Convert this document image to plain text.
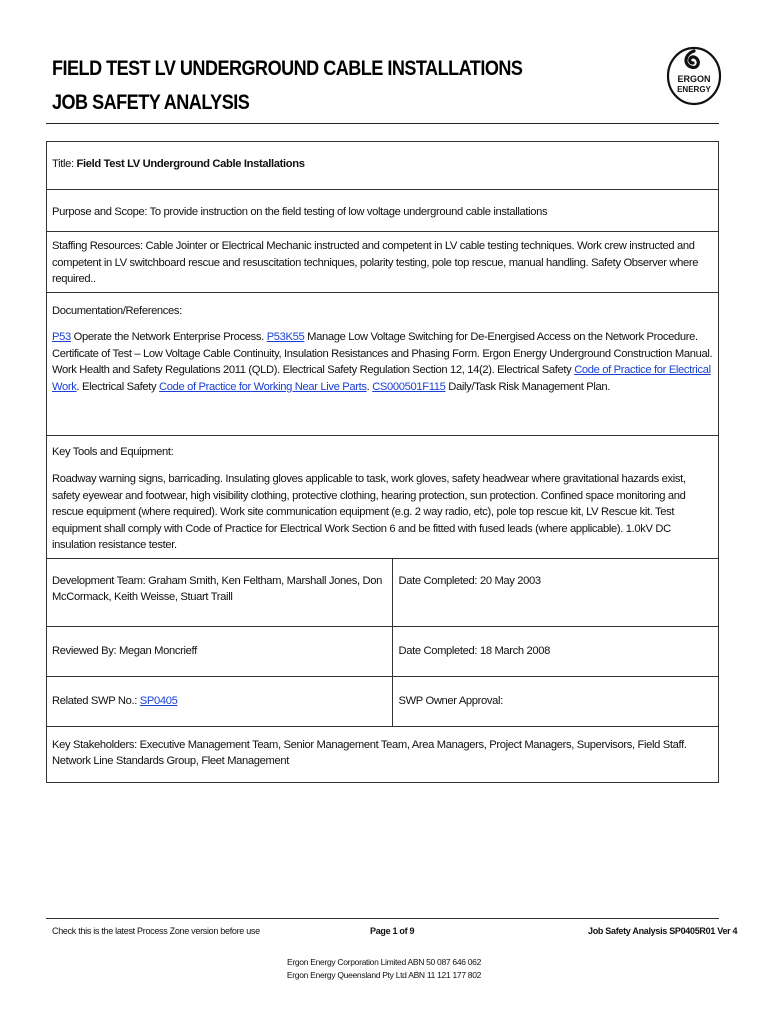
FIELD TEST LV UNDERGROUND CABLE INSTALLATIONS
JOB SAFETY ANALYSIS
ERGON
ENERGY
Title: Field Test LV Underground Cable Installations	
Purpose and Scope: To provide instruction on the field testing of low voltage underground cable installations	
Staffing Resources: Cable Jointer or Electrical Mechanic instructed and competent in LV cable testing techniques. Work crew instructed and competent in LV switchboard rescue and resuscitation techniques, polarity testing, pole top rescue, manual handling. Safety Observer where required..	

Documentation/References:
P53 Operate the Network Enterprise Process. P53K55 Manage Low Voltage Switching for De-Energised Access on the Network Procedure. Certificate of Test – Low Voltage Cable Continuity, Insulation Resistances and Phasing Form. Ergon Energy Underground Construction Manual. Work Health and Safety Regulations 2011 (QLD). Electrical Safety Regulation Section 12, 14(2). Electrical Safety Code of Practice for Electrical Work. Electrical Safety Code of Practice for Working Near Live Parts. CS000501F115 Daily/Task Risk Management Plan.	

Key Tools and Equipment:
Roadway warning signs, barricading. Insulating gloves applicable to task, work gloves, safety headwear where gravitational hazards exist, safety eyewear and footwear, high visibility clothing, protective clothing, hearing protection, sun protection. Confined space monitoring and rescue equipment (where required). Work site communication equipment (e.g. 2 way radio, etc), pole top rescue kit, LV Rescue kit. Test equipment shall comply with Code of Practice for Electrical Work Section 6 and be fitted with fused leads (where applicable). 1.0kV DC insulation resistance tester.	

Development Team: Graham Smith, Ken Feltham, Marshall Jones, Don McCormack, Keith Weisse, Stuart Traill	Date Completed: 20 May 2003
Reviewed By: Megan Moncrieff	Date Completed: 18 March 2008
Related SWP No.: SP0405	SWP Owner Approval:
Key Stakeholders: Executive Management Team, Senior Management Team, Area Managers, Project Managers, Supervisors, Field Staff. Network Line Standards Group, Fleet Management	
Check this is the latest Process Zone version before use	Page 1 of 9	Job Safety Analysis SP0405R01 Ver 4
Ergon Energy Corporation Limited ABN 50 087 646 062
Ergon Energy Queensland Pty Ltd ABN 11 121 177 802
